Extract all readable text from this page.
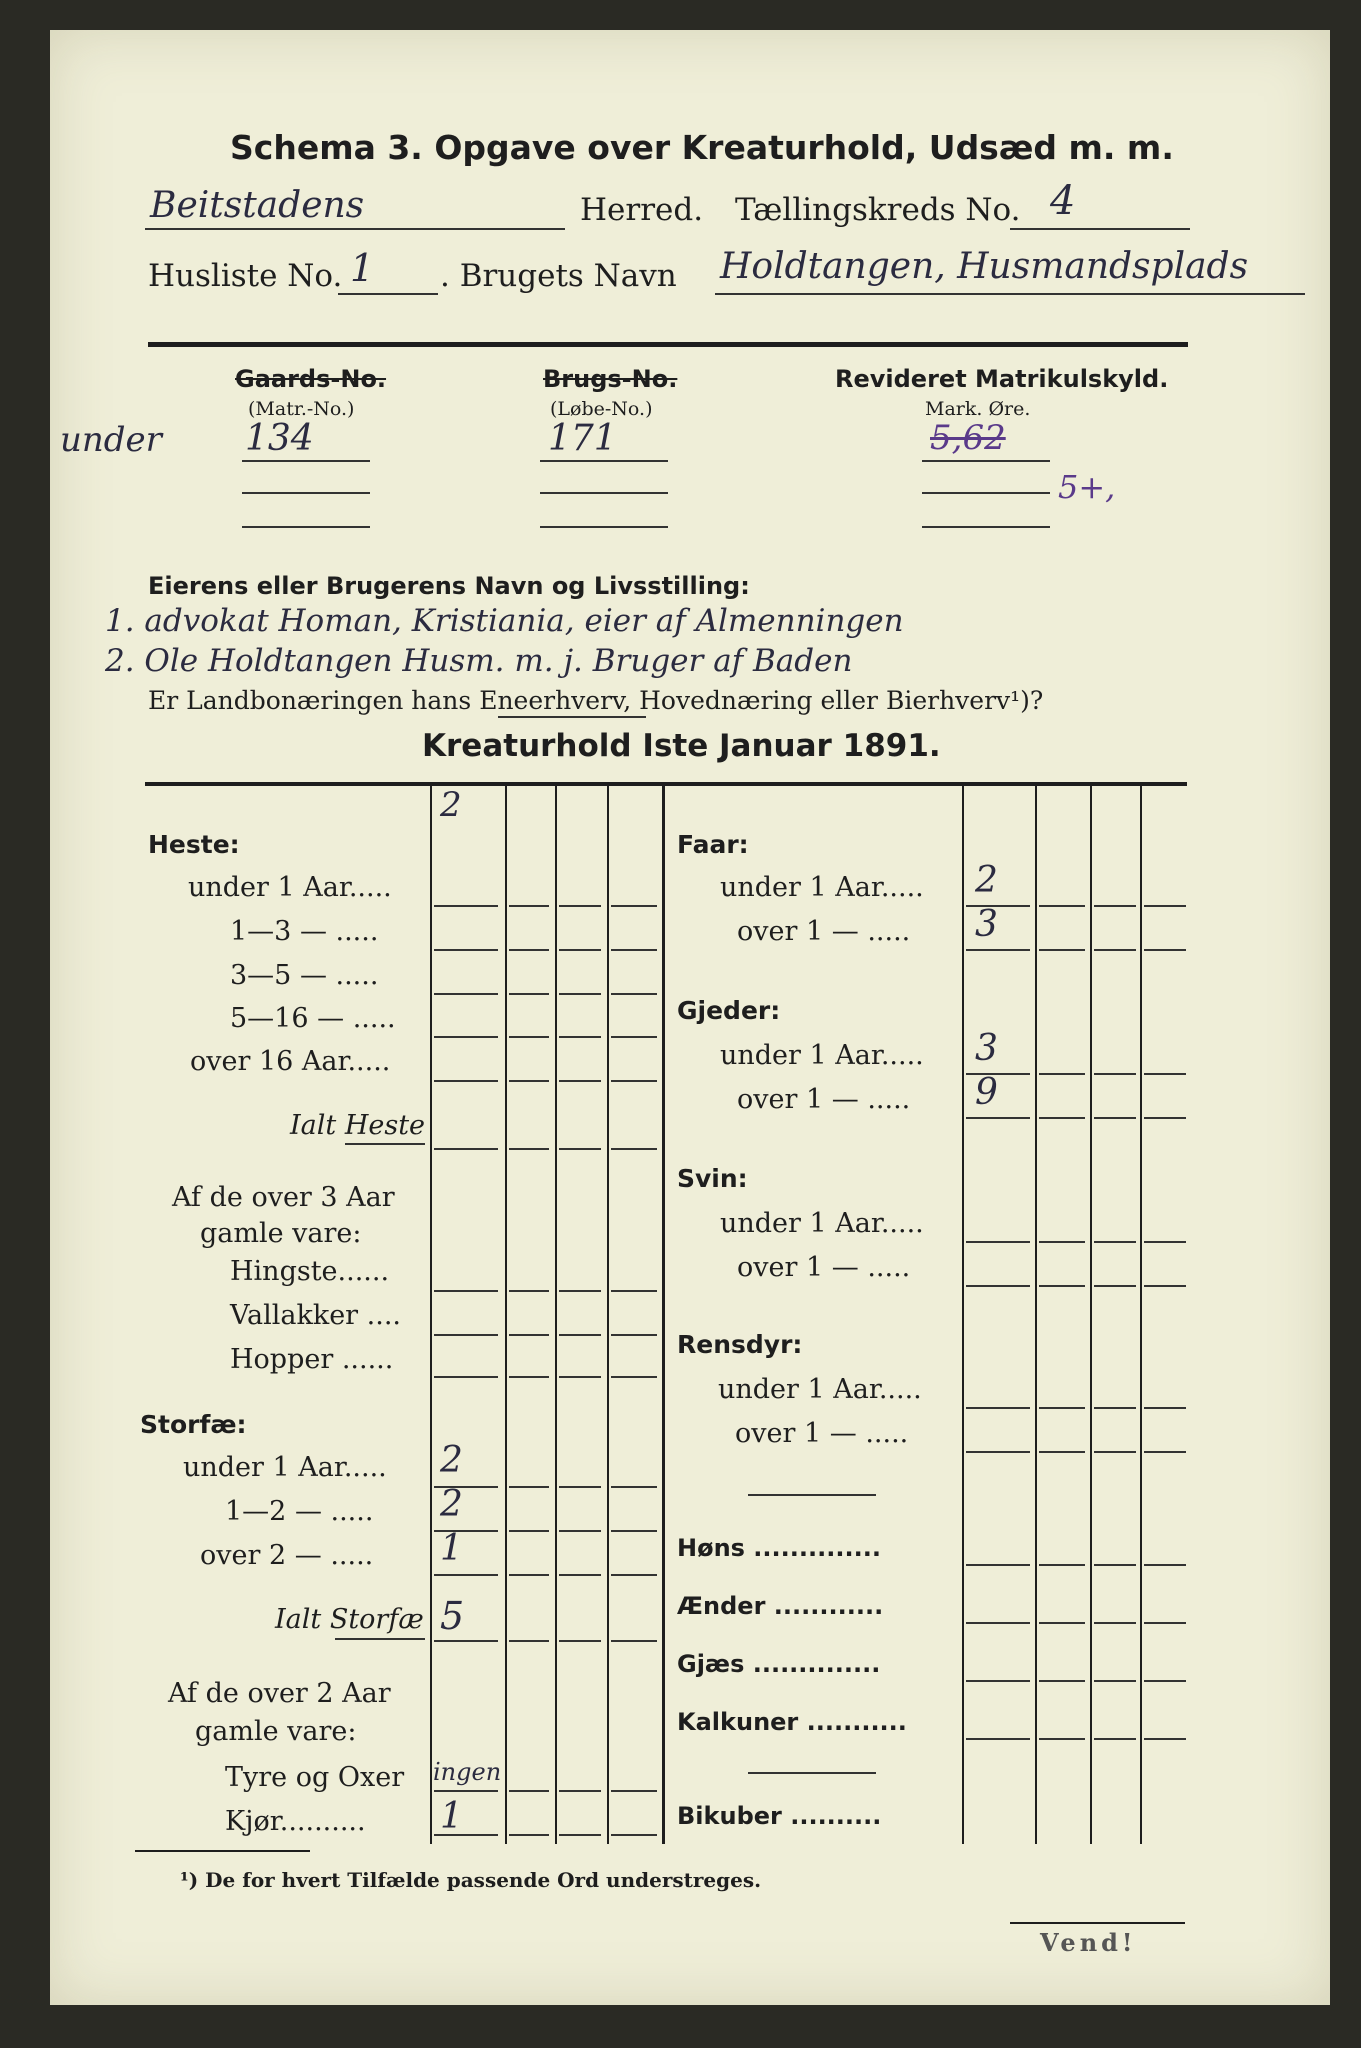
Schema 3. Opgave over Kreaturhold, Udsæd m. m.
Beitstadens	Herred. Tællingskreds No. 4
Husliste No. 1 . Brugets Navn Holdtangen, Husmandsplads
Gaards-No.
(Matr.-No.)
under 134
Brugs-No.
(Løbe-No.)
171
Revideret Matrikulskyld.
Mark. Øre.
5,62
5+,
Eierens eller Brugerens Navn og Livsstilling:
1. advokat Homan, Kristiania, eier af Almenningen
2. Ole Holdtangen Husm. m. j. Bruger af Baden
Er Landbonæringen hans Eneerhverv, Hovednæring eller Bierhverv¹)?
Kreaturhold Iste Januar 1891.
Heste:
2
under 1 Aar.....
1—3 — .....
3—5 — .....
5—16 — .....
over 16 Aar.....
Ialt Heste
Af de over 3 Aar
gamle vare:
Hingste......
Vallakker ....
Hopper ......
Storfæ:
under 1 Aar..... 2
1—2 — ..... 2
over 2 — ..... 1
Ialt Storfæ 5
Af de over 2 Aar
gamle vare:
Tyre og Oxer ingen
Kjør.......... 1
Faar:
under 1 Aar..... 2
over 1 — ..... 3
Gjeder:
under 1 Aar..... 3
over 1 — ..... 9
Svin:
under 1 Aar.....
over 1 — .....
Rensdyr:
under 1 Aar.....
over 1 — .....
Høns ..............
Ænder ............
Gjæs ..............
Kalkuner ...........
Bikuber ..........
¹) De for hvert Tilfælde passende Ord understreges.
Vend!
